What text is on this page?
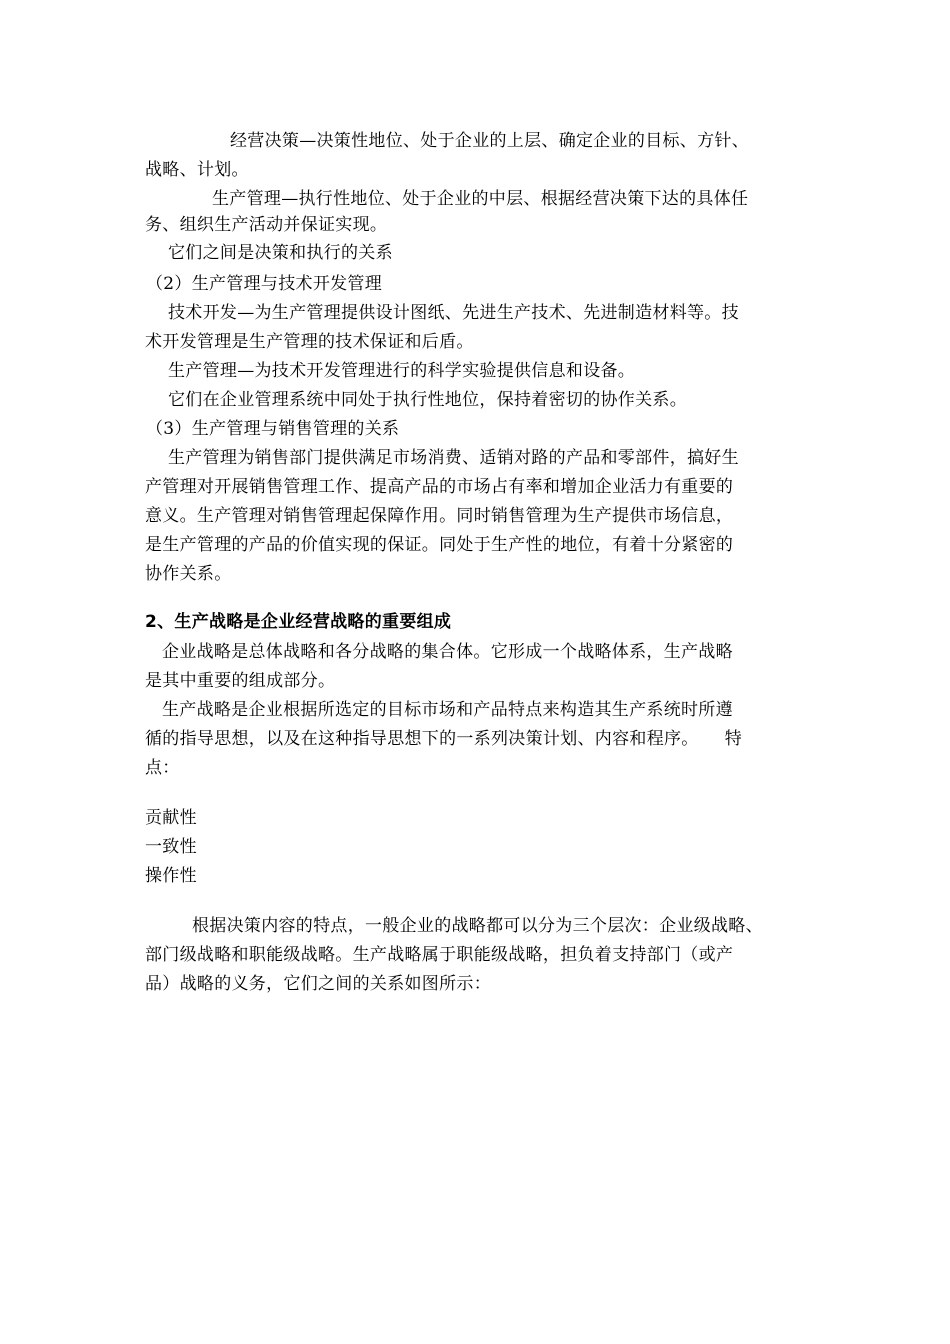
经营决策—决策性地位、处于企业的上层、确定企业的目标、方针、
战略、计划。
生产管理—执行性地位、处于企业的中层、根据经营决策下达的具体任
务、组织生产活动并保证实现。
它们之间是决策和执行的关系
（2）生产管理与技术开发管理
技术开发—为生产管理提供设计图纸、先进生产技术、先进制造材料等。技
术开发管理是生产管理的技术保证和后盾。
生产管理—为技术开发管理进行的科学实验提供信息和设备。
它们在企业管理系统中同处于执行性地位，保持着密切的协作关系。
（3）生产管理与销售管理的关系
生产管理为销售部门提供满足市场消费、适销对路的产品和零部件，搞好生
产管理对开展销售管理工作、提高产品的市场占有率和增加企业活力有重要的
意义。生产管理对销售管理起保障作用。同时销售管理为生产提供市场信息，
是生产管理的产品的价值实现的保证。同处于生产性的地位，有着十分紧密的
协作关系。
2、生产战略是企业经营战略的重要组成
企业战略是总体战略和各分战略的集合体。它形成一个战略体系，生产战略
是其中重要的组成部分。
生产战略是企业根据所选定的目标市场和产品特点来构造其生产系统时所遵
循的指导思想，以及在这种指导思想下的一系列决策计划、内容和程序。　　特
点：
贡献性
一致性
操作性
根据决策内容的特点，一般企业的战略都可以分为三个层次：企业级战略、
部门级战略和职能级战略。生产战略属于职能级战略，担负着支持部门（或产
品）战略的义务，它们之间的关系如图所示：
